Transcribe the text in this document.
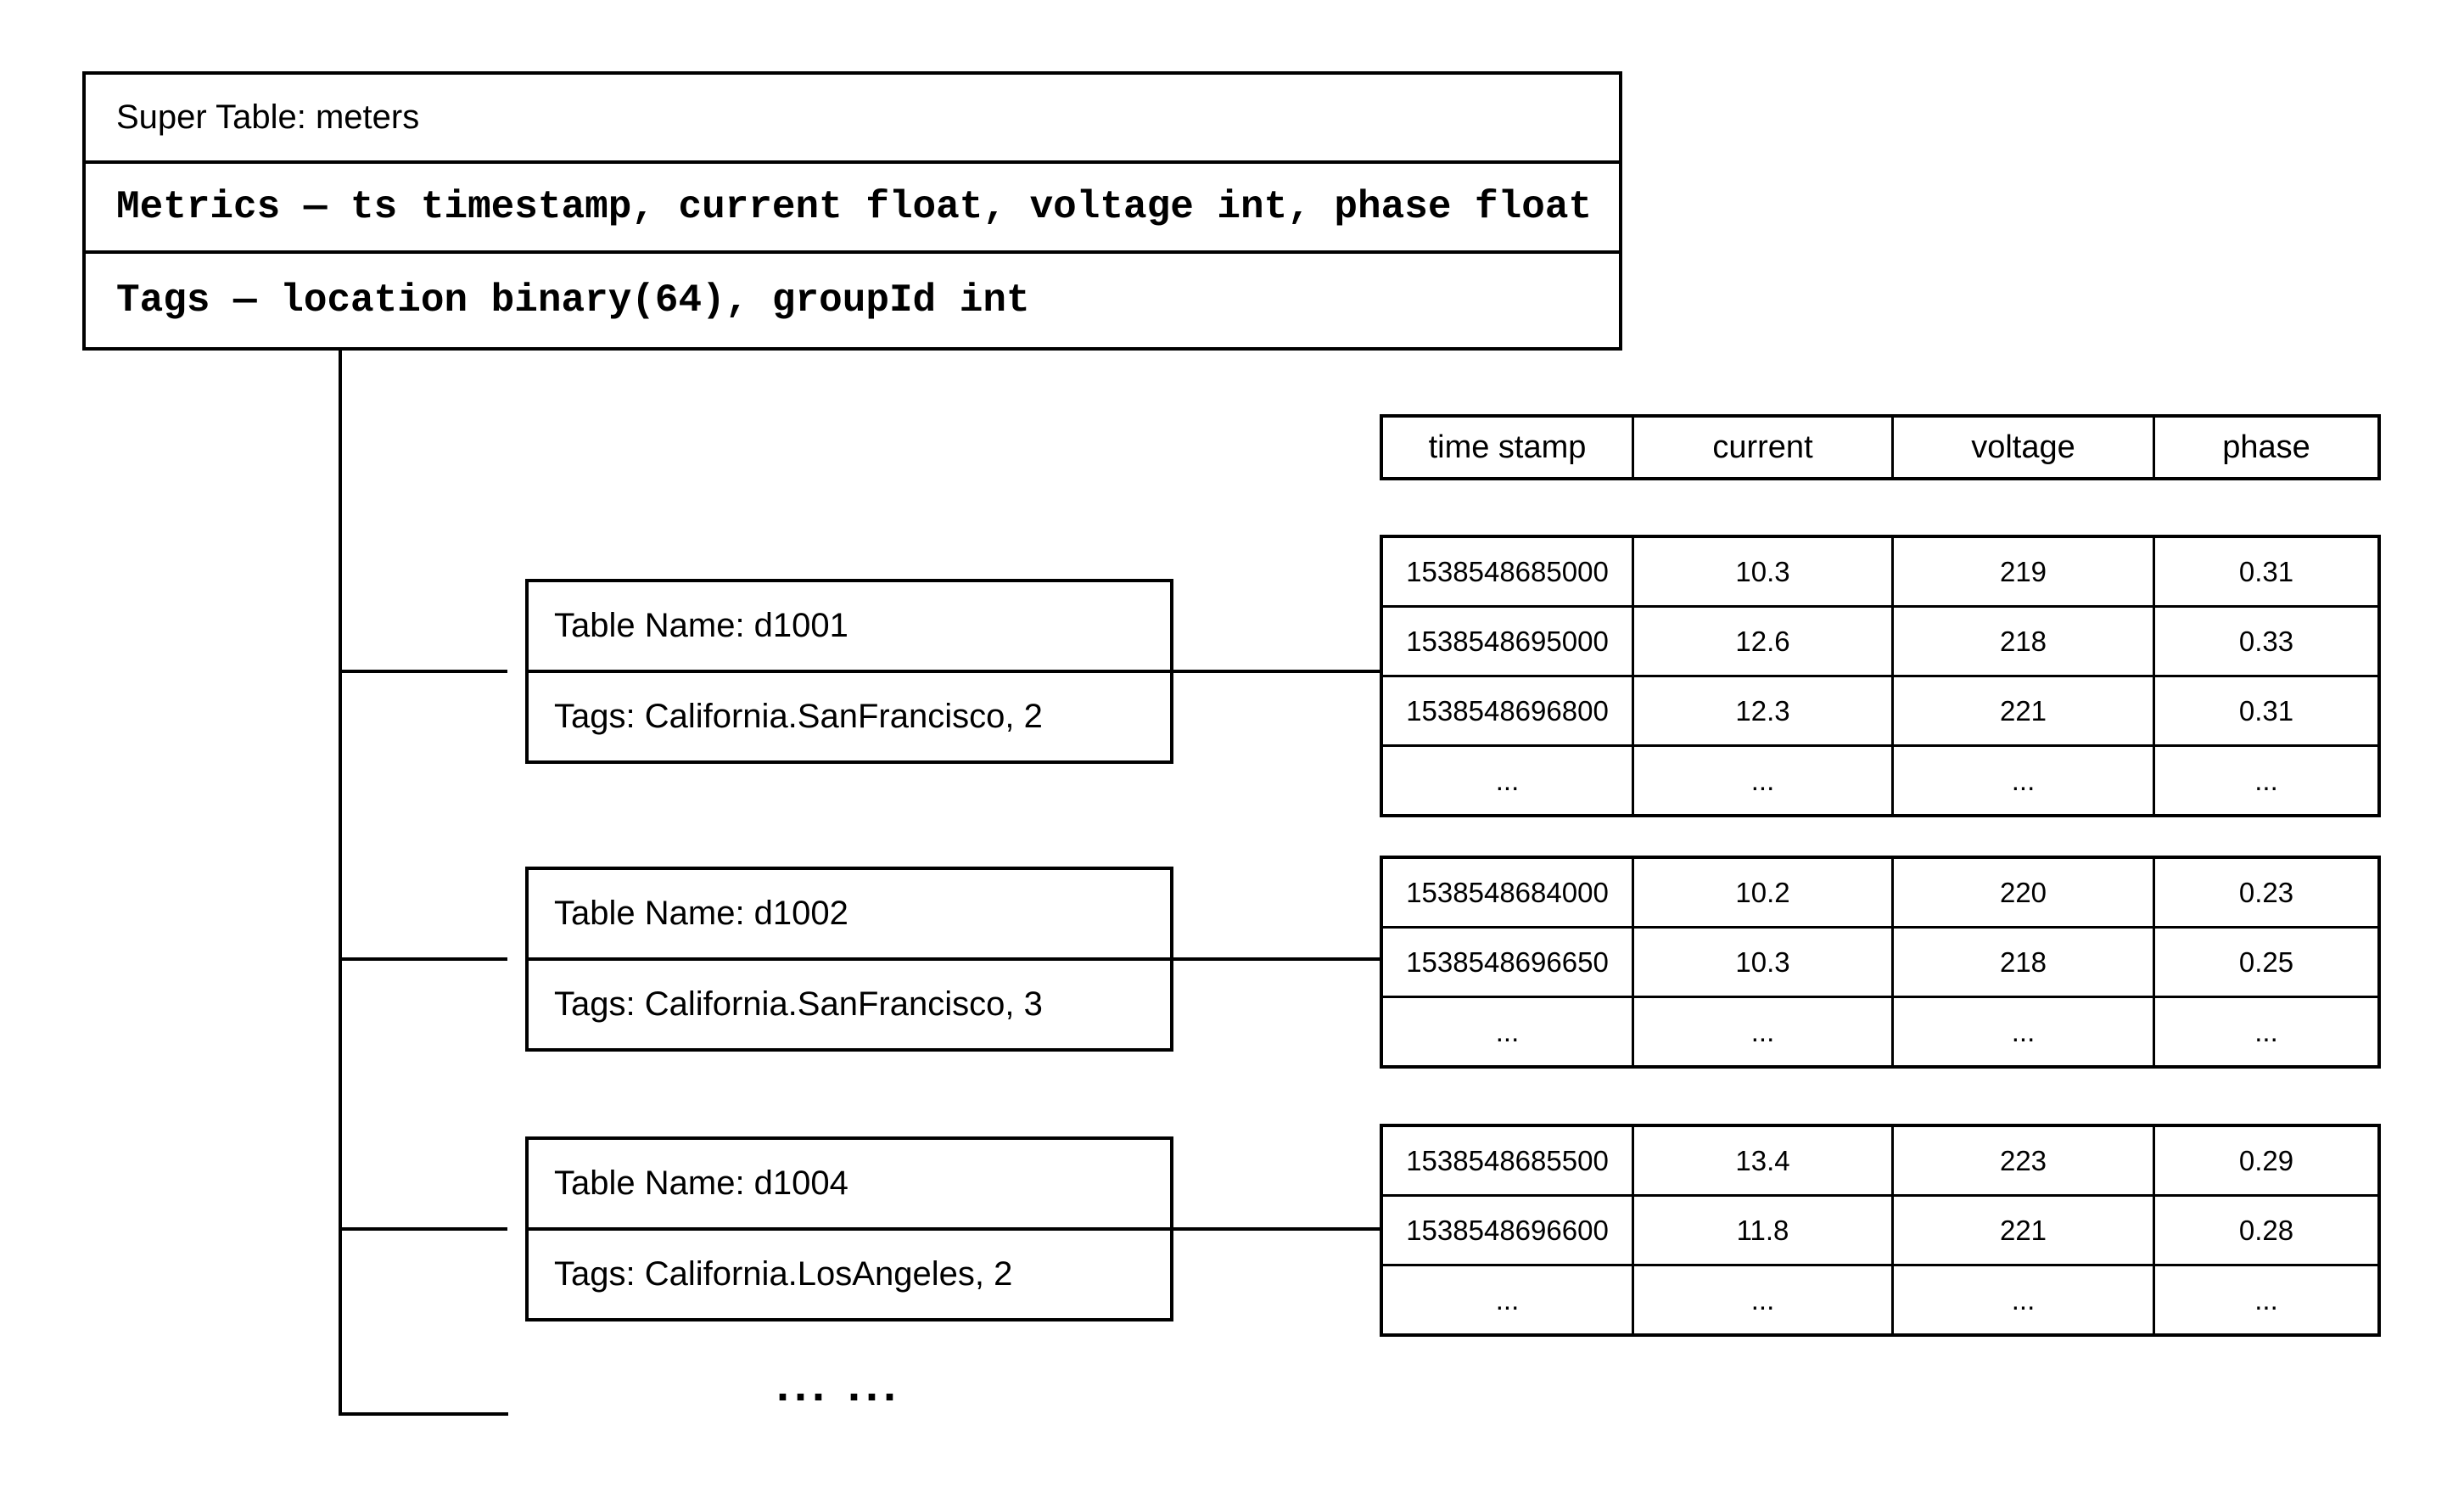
Super Table: meters
Metrics — ts timestamp, current float, voltage int, phase float
Tags — location binary(64), groupId int
time stamp	current	voltage	phase
... ...
Table Name: d1001
Tags: California.SanFrancisco, 2
1538548685000	10.3	219	0.31
1538548695000	12.6	218	0.33
1538548696800	12.3	221	0.31
...	...	...	...
Table Name: d1002
Tags: California.SanFrancisco, 3
1538548684000	10.2	220	0.23
1538548696650	10.3	218	0.25
...	...	...	...
Table Name: d1004
Tags: California.LosAngeles, 2
1538548685500	13.4	223	0.29
1538548696600	11.8	221	0.28
...	...	...	...
